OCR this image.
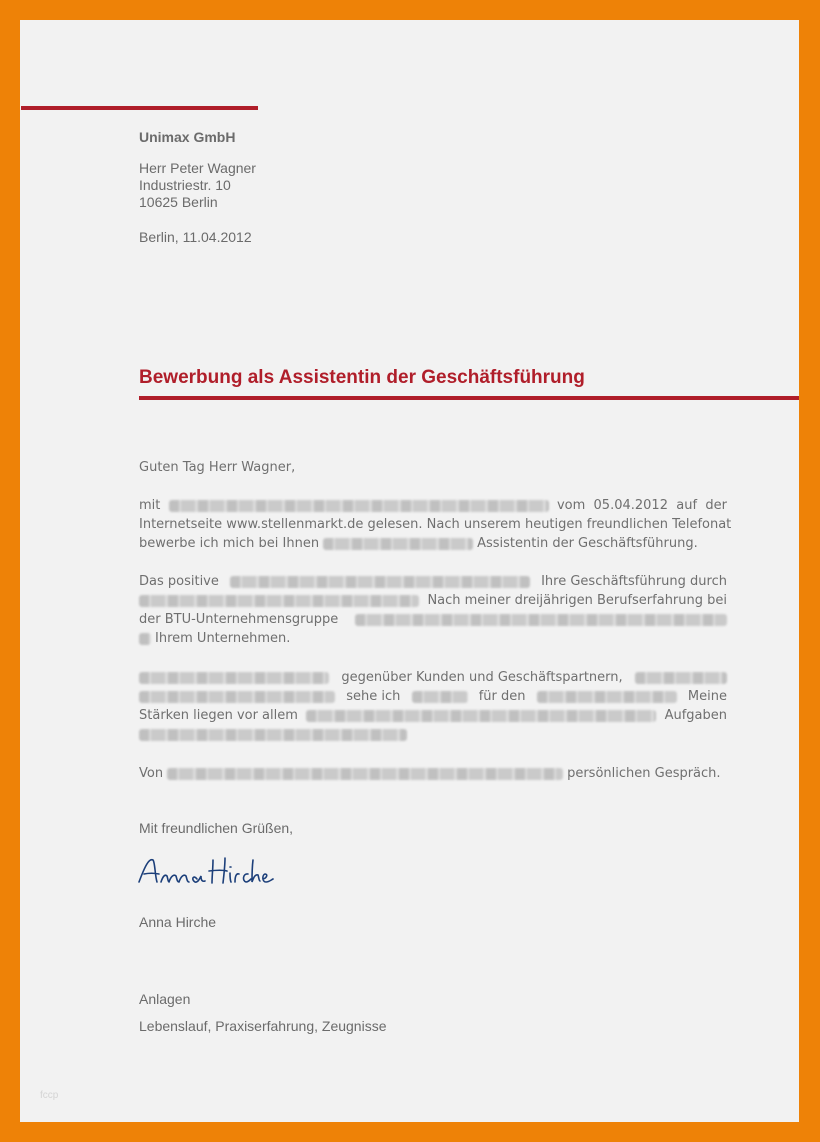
Unimax GmbH
Herr Peter Wagner
Industriestr. 10
10625 Berlin
Berlin, 11.04.2012
Bewerbung als Assistentin der Geschäftsführung
Guten Tag Herr Wagner,
mit	vom 05.04.2012 auf der
Internetseite www.stellenmarkt.de gelesen. Nach unserem heutigen freundlichen Telefonat
bewerbe ich mich bei Ihnen	Assistentin der Geschäftsführung.
Das positive	Ihre Geschäftsführung durch
Nach meiner dreijährigen Berufserfahrung bei
der BTU-Unternehmensgruppe
Ihrem Unternehmen.
gegenüber Kunden und Geschäftspartnern,
sehe ich	für den	Meine
Stärken liegen vor allem	Aufgaben
Von	persönlichen Gespräch.
Mit freundlichen Grüßen,
Anna Hirche
Anlagen
Lebenslauf, Praxiserfahrung, Zeugnisse
fccp
